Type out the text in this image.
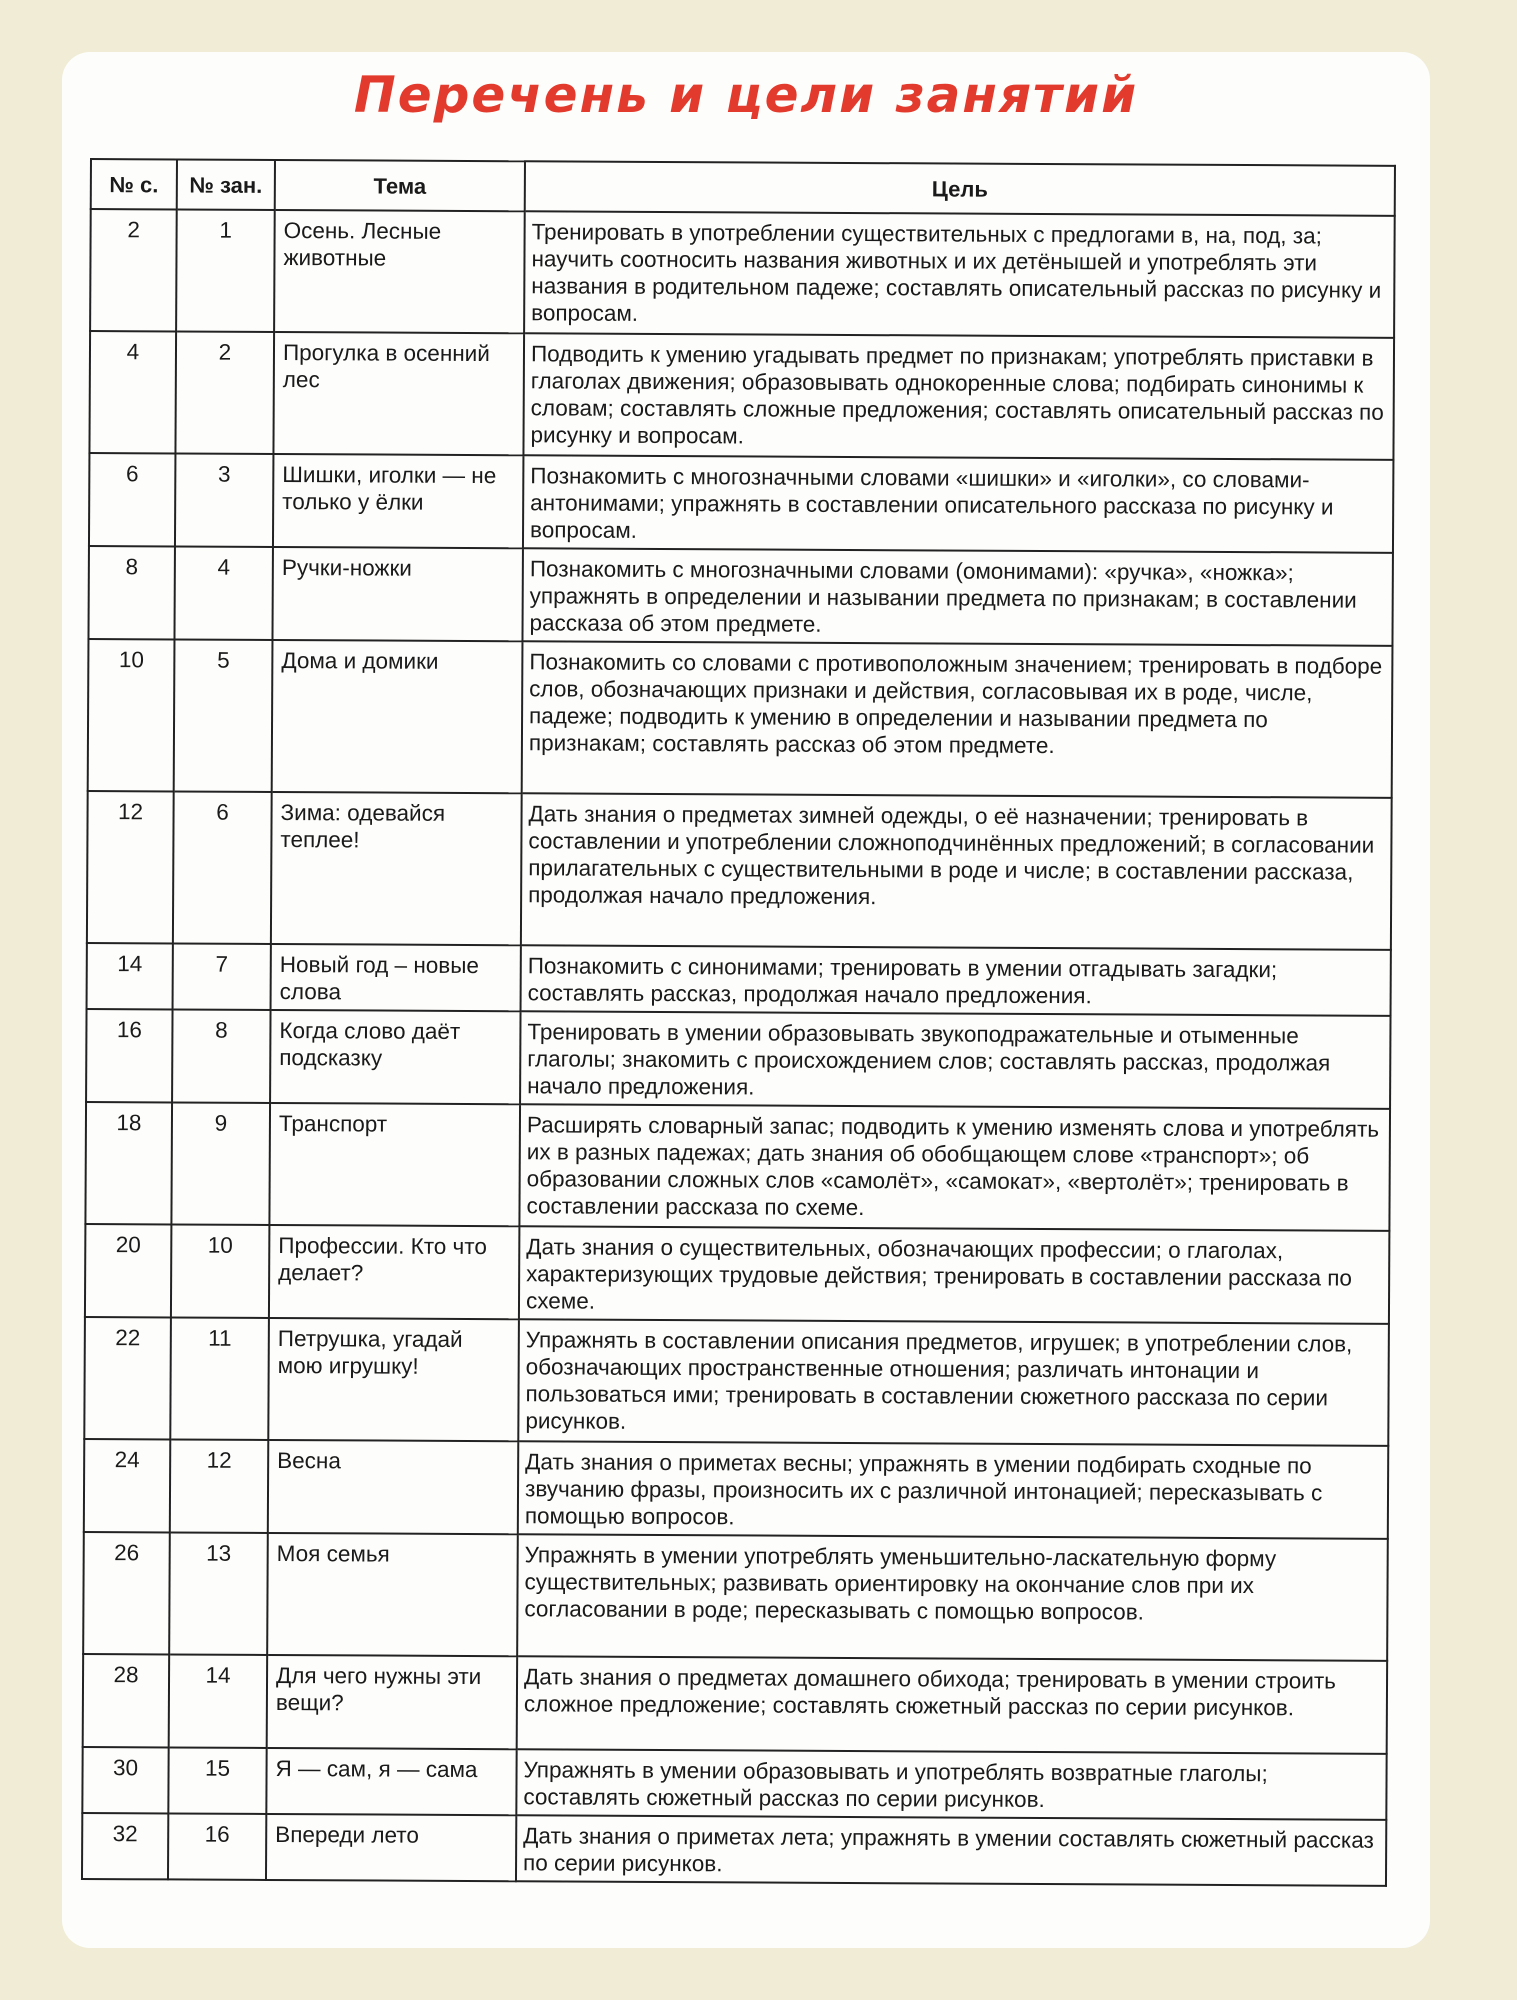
Перечень и цели занятий
№ с.	№ зан.	Тема	Цель
2	1	Осень. Лесные животные	Тренировать в употреблении существительных с предлогами в, на, под, за; научить соотносить названия животных и их детёнышей и употреблять эти названия в родительном падеже; составлять описательный рассказ по рисунку и вопросам.
4	2	Прогулка в осенний лес	Подводить к умению угадывать предмет по признакам; употреблять приставки в глаголах движения; образовывать однокоренные слова; подбирать синонимы к словам; составлять сложные предложения; составлять описательный рассказ по рисунку и вопросам.
6	3	Шишки, иголки — не только у ёлки	Познакомить с многозначными словами «шишки» и «иголки», со словами-антонимами; упражнять в составлении описательного рассказа по рисунку и вопросам.
8	4	Ручки-ножки	Познакомить с многозначными словами (омонимами): «ручка», «ножка»; упражнять в определении и назывании предмета по признакам; в составлении рассказа об этом предмете.
10	5	Дома и домики	Познакомить со словами с противоположным значением; тренировать в подборе слов, обозначающих признаки и действия, согласовывая их в роде, числе, падеже; подводить к умению в определении и назывании предмета по признакам; составлять рассказ об этом предмете.
12	6	Зима: одевайся теплее!	Дать знания о предметах зимней одежды, о её назначении; тренировать в составлении и употреблении сложноподчинённых предложений; в согласовании прилагательных с существительными в роде и числе; в составлении рассказа, продолжая начало предложения.
14	7	Новый год – новые слова	Познакомить с синонимами; тренировать в умении отгадывать загадки; составлять рассказ, продолжая начало предложения.
16	8	Когда слово даёт подсказку	Тренировать в умении образовывать звукоподражательные и отыменные глаголы; знакомить с происхождением слов; составлять рассказ, продолжая начало предложения.
18	9	Транспорт	Расширять словарный запас; подводить к умению изменять слова и употреблять их в разных падежах; дать знания об обобщающем слове «транспорт»; об образовании сложных слов «самолёт», «самокат», «вертолёт»; тренировать в составлении рассказа по схеме.
20	10	Профессии. Кто что делает?	Дать знания о существительных, обозначающих профессии; о глаголах, характеризующих трудовые действия; тренировать в составлении рассказа по схеме.
22	11	Петрушка, угадай мою игрушку!	Упражнять в составлении описания предметов, игрушек; в употреблении слов, обозначающих пространственные отношения; различать интонации и пользоваться ими; тренировать в составлении сюжетного рассказа по серии рисунков.
24	12	Весна	Дать знания о приметах весны; упражнять в умении подбирать сходные по звучанию фразы, произносить их с различной интонацией; пересказывать с помощью вопросов.
26	13	Моя семья	Упражнять в умении употреблять уменьшительно-ласкательную форму существительных; развивать ориентировку на окончание слов при их согласовании в роде; пересказывать с помощью вопросов.
28	14	Для чего нужны эти вещи?	Дать знания о предметах домашнего обихода; тренировать в умении строить сложное предложение; составлять сюжетный рассказ по серии рисунков.
30	15	Я — сам, я — сама	Упражнять в умении образовывать и употреблять возвратные глаголы; составлять сюжетный рассказ по серии рисунков.
32	16	Впереди лето	Дать знания о приметах лета; упражнять в умении составлять сюжетный рассказ по серии рисунков.
